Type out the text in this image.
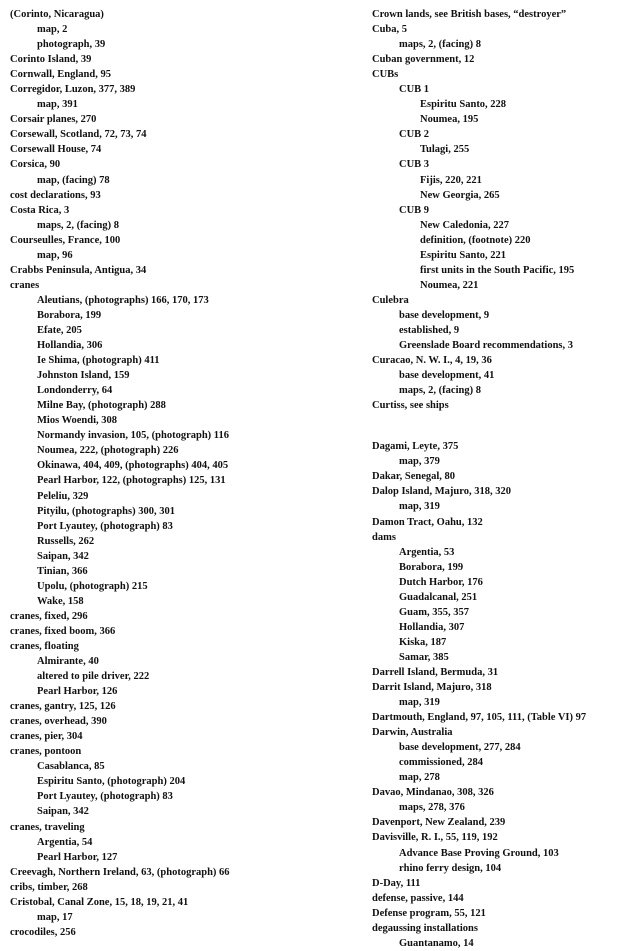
(Corinto, Nicaragua)
map, 2
photograph, 39
Corinto Island, 39
Cornwall, England, 95
Corregidor, Luzon, 377, 389
map, 391
Corsair planes, 270
Corsewall, Scotland, 72, 73, 74
Corsewall House, 74
Corsica, 90
map, (facing) 78
cost declarations, 93
Costa Rica, 3
maps, 2, (facing) 8
Courseulles, France, 100
map, 96
Crabbs Peninsula, Antigua, 34
cranes
Aleutians, (photographs) 166, 170, 173
Borabora, 199
Efate, 205
Hollandia, 306
Ie Shima, (photograph) 411
Johnston Island, 159
Londonderry, 64
Milne Bay, (photograph) 288
Mios Woendi, 308
Normandy invasion, 105, (photograph) 116
Noumea, 222, (photograph) 226
Okinawa, 404, 409, (photographs) 404, 405
Pearl Harbor, 122, (photographs) 125, 131
Peleliu, 329
Pityilu, (photographs) 300, 301
Port Lyautey, (photograph) 83
Russells, 262
Saipan, 342
Tinian, 366
Upolu, (photograph) 215
Wake, 158
cranes, fixed, 296
cranes, fixed boom, 366
cranes, floating
Almirante, 40
altered to pile driver, 222
Pearl Harbor, 126
cranes, gantry, 125, 126
cranes, overhead, 390
cranes, pier, 304
cranes, pontoon
Casablanca, 85
Espiritu Santo, (photograph) 204
Port Lyautey, (photograph) 83
Saipan, 342
cranes, traveling
Argentia, 54
Pearl Harbor, 127
Creevagh, Northern Ireland, 63, (photograph) 66
cribs, timber, 268
Cristobal, Canal Zone, 15, 18, 19, 21, 41
map, 17
crocodiles, 256
Crown lands, see British bases, “destroyer”
Cuba, 5
maps, 2, (facing) 8
Cuban government, 12
CUBs
CUB 1
Espiritu Santo, 228
Noumea, 195
CUB 2
Tulagi, 255
CUB 3
Fijis, 220, 221
New Georgia, 265
CUB 9
New Caledonia, 227
definition, (footnote) 220
Espiritu Santo, 221
first units in the South Pacific, 195
Noumea, 221
Culebra
base development, 9
established, 9
Greenslade Board recommendations, 3
Curacao, N. W. I., 4, 19, 36
base development, 41
maps, 2, (facing) 8
Curtiss, see ships
Dagami, Leyte, 375
map, 379
Dakar, Senegal, 80
Dalop Island, Majuro, 318, 320
map, 319
Damon Tract, Oahu, 132
dams
Argentia, 53
Borabora, 199
Dutch Harbor, 176
Guadalcanal, 251
Guam, 355, 357
Hollandia, 307
Kiska, 187
Samar, 385
Darrell Island, Bermuda, 31
Darrit Island, Majuro, 318
map, 319
Dartmouth, England, 97, 105, 111, (Table VI) 97
Darwin, Australia
base development, 277, 284
commissioned, 284
map, 278
Davao, Mindanao, 308, 326
maps, 278, 376
Davenport, New Zealand, 239
Davisville, R. I., 55, 119, 192
Advance Base Proving Ground, 103
rhino ferry design, 104
D-Day, 111
defense, passive, 144
Defense program, 55, 121
degaussing installations
Guantanamo, 14
